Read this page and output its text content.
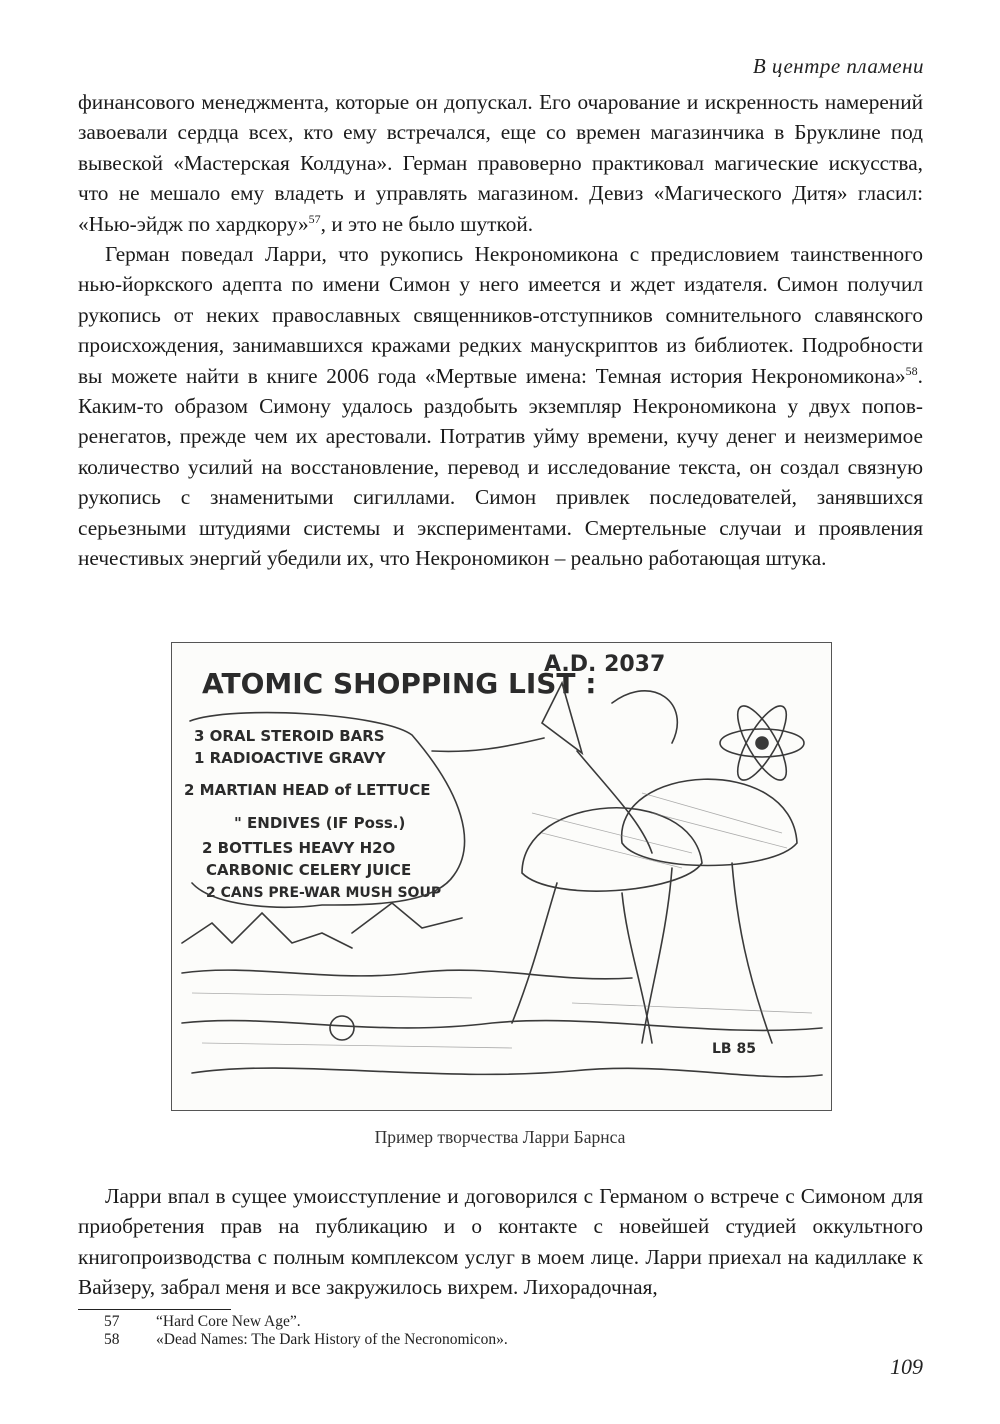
В центре пламени

финансового менеджмента, которые он допускал. Его очарование и искренность намерений завоевали сердца всех, кто ему встречался, еще со времен магазинчика в Бруклине под вывеской «Мастерская Колдуна». Герман правоверно практиковал магические искусства, что не мешало ему владеть и управлять магазином. Девиз «Магического Дитя» гласил: «Нью-эйдж по хардкору»$^{57}$, и это не было шуткой.

Герман поведал Ларри, что рукопись Некрономикона с предисловием таинственного нью-йоркского адепта по имени Симон у него имеется и ждет издателя. Симон получил рукопись от неких православных священников-отступников сомнительного славянского происхождения, занимавшихся кражами редких манускриптов из библиотек. Подробности вы можете найти в книге 2006 года «Мертвые имена: Темная история Некрономикона»$^{58}$. Каким-то образом Симону удалось раздобыть экземпляр Некрономикона у двух попов-ренегатов, прежде чем их арестовали. Потратив уйму времени, кучу денег и неизмеримое количество усилий на восстановление, перевод и исследование текста, он создал связную рукопись с знаменитыми сигиллами. Симон привлек последователей, занявшихся серьезными штудиями системы и экспериментами. Смертельные случаи и проявления нечестивых энергий убедили их, что Некрономикон – реально работающая штука.

ATOMIC SHOPPING LIST :
A.D. 2037
3 ORAL STEROID BARS
1 RADIOACTIVE GRAVY
2 MARTIAN HEAD of LETTUCE
" ENDIVES (IF Poss.)
2 BOTTLES HEAVY H2O
CARBONIC CELERY JUICE
2 CANS PRE-WAR MUSH SOUP
LB 85
Пример творчества Ларри Барнса

Ларри впал в сущее умоисступление и договорился с Германом о встрече с Симоном для приобретения прав на публикацию и о контакте с новейшей студией оккультного книгопроизводства с полным комплексом услуг в моем лице. Ларри приехал на кадиллаке к Вайзеру, забрал меня и все закружилось вихрем. Лихорадочная,

57	“Hard Core New Age”.
58	«Dead Names: The Dark History of the Necronomicon».
109
